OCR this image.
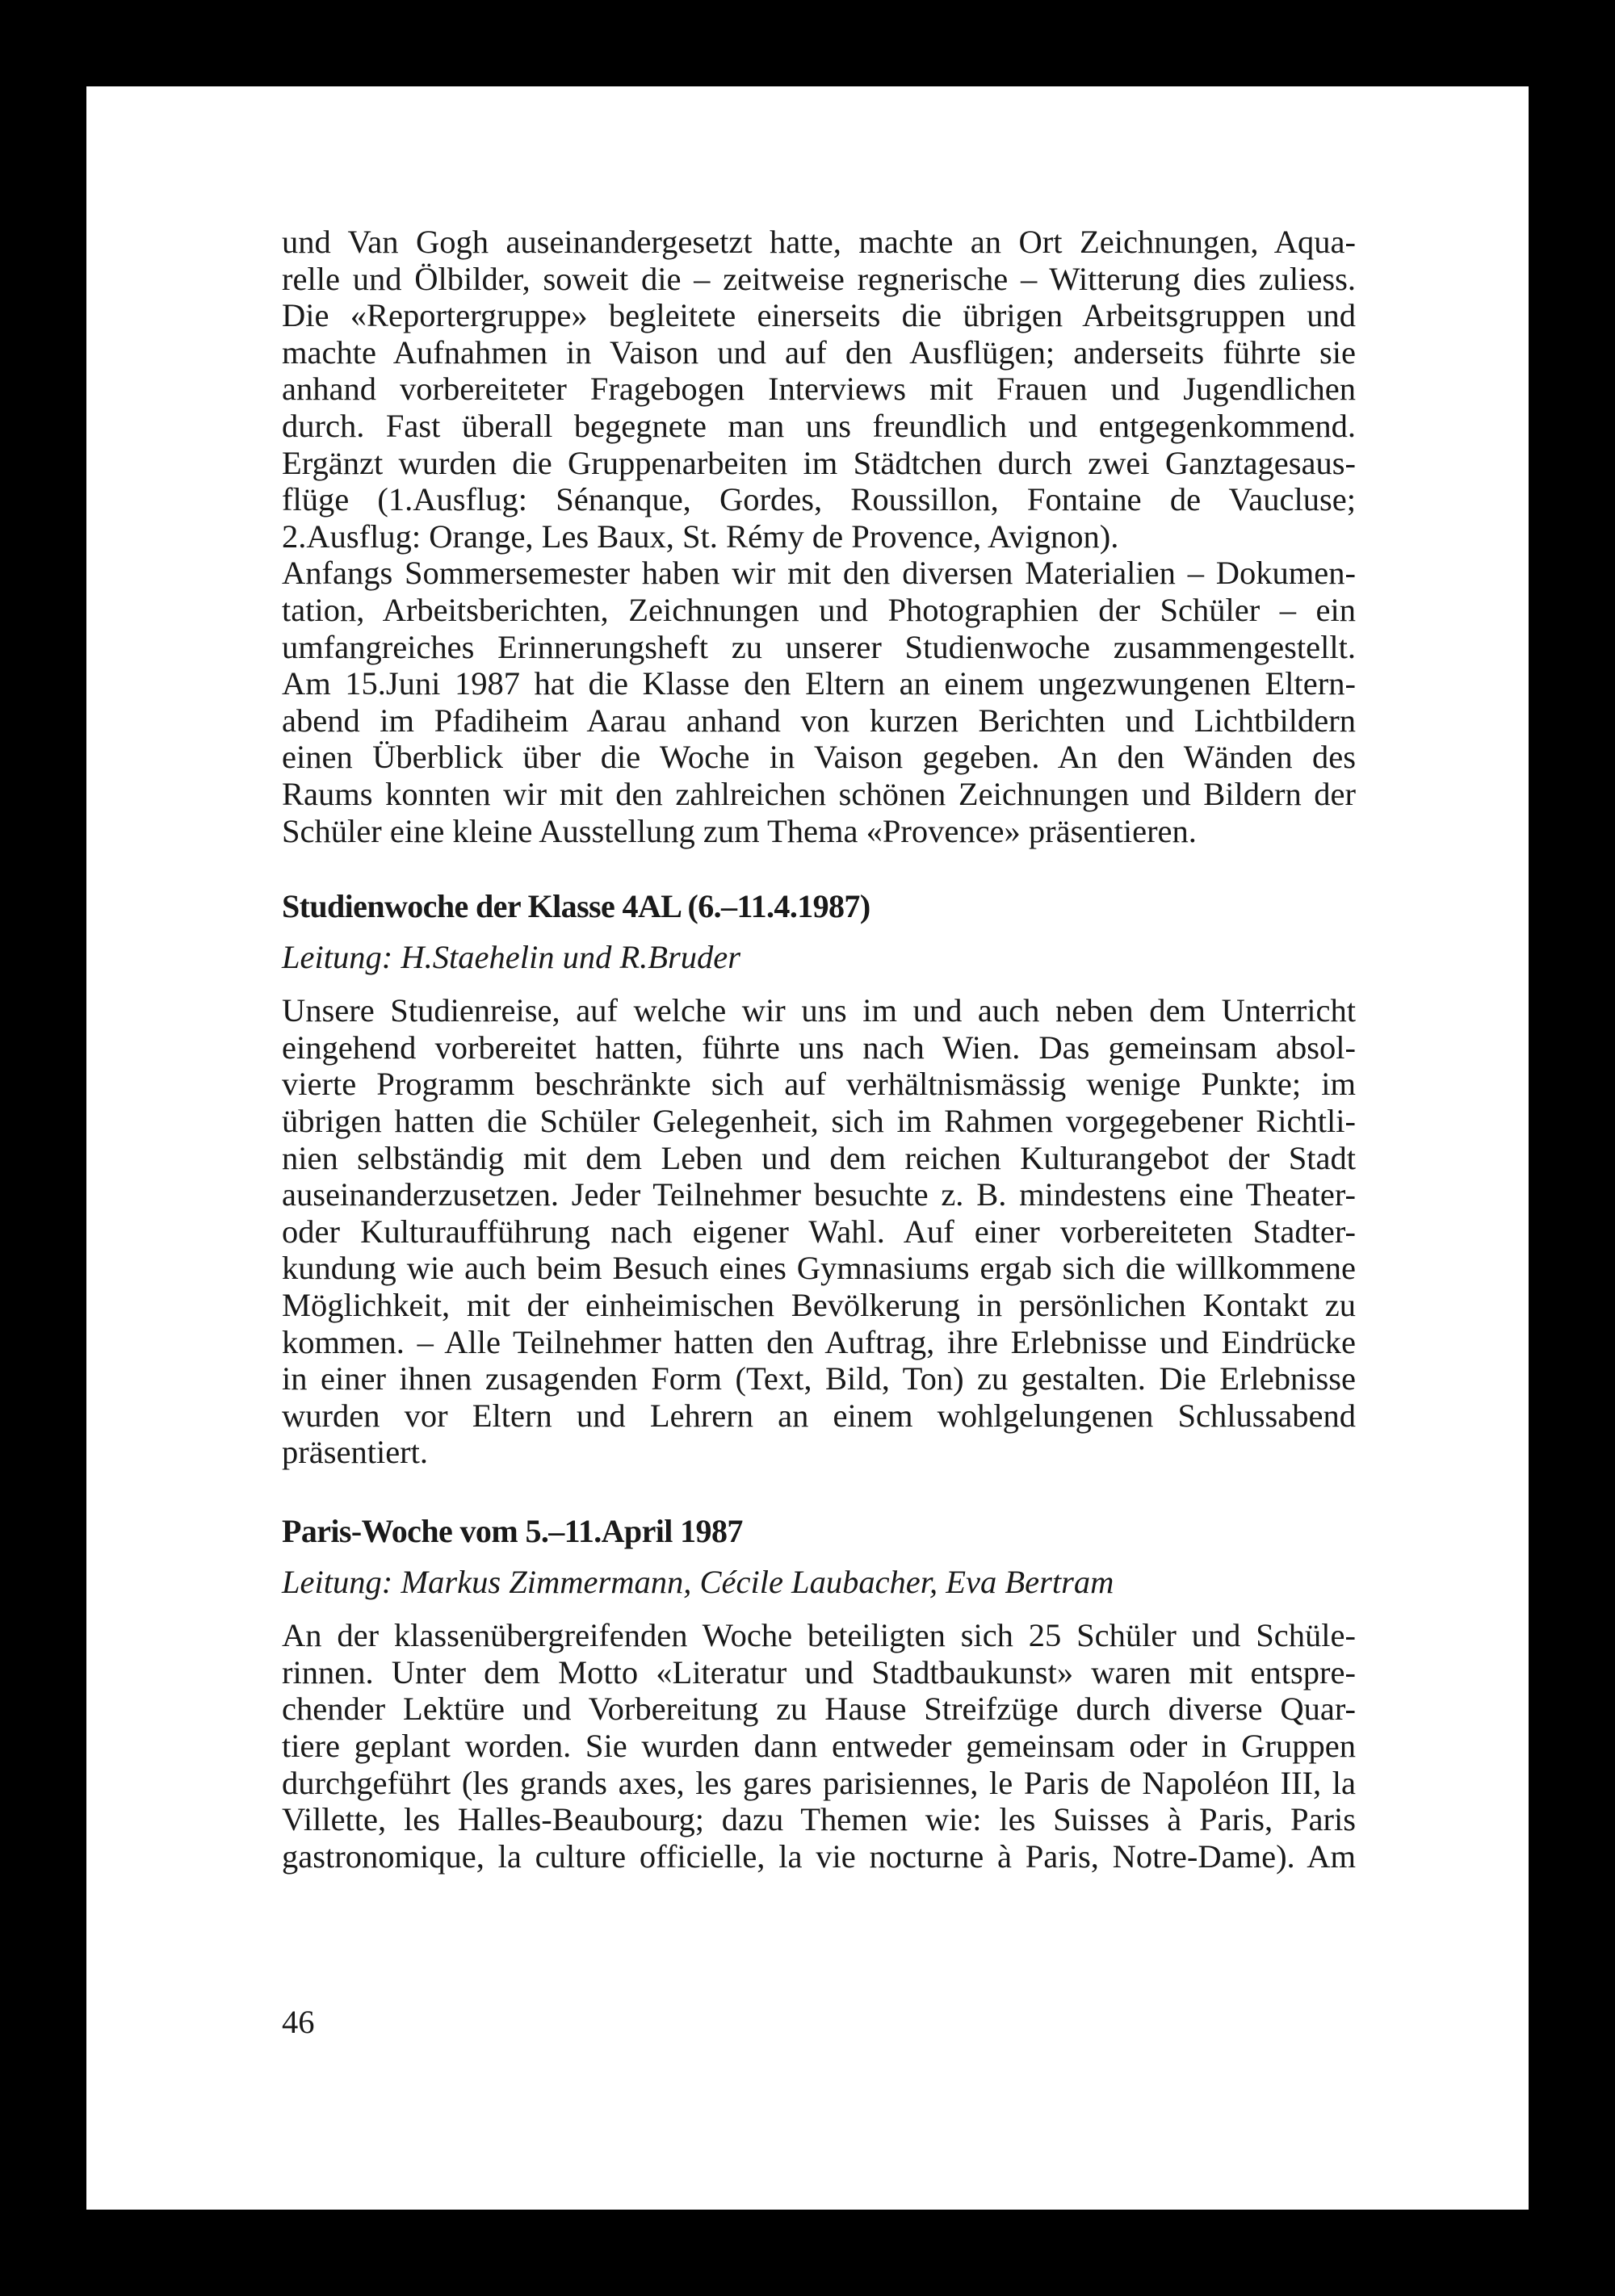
und Van Gogh auseinandergesetzt hatte, machte an Ort Zeichnungen, Aqua-
relle und Ölbilder, soweit die – zeitweise regnerische – Witterung dies zuliess.
Die «Reportergruppe» begleitete einerseits die übrigen Arbeitsgruppen und
machte Aufnahmen in Vaison und auf den Ausflügen; anderseits führte sie
anhand vorbereiteter Fragebogen Interviews mit Frauen und Jugendlichen
durch. Fast überall begegnete man uns freundlich und entgegenkommend.
Ergänzt wurden die Gruppenarbeiten im Städtchen durch zwei Ganztagesaus-
flüge (1.Ausflug: Sénanque, Gordes, Roussillon, Fontaine de Vaucluse;
2.Ausflug: Orange, Les Baux, St. Rémy de Provence, Avignon).
Anfangs Sommersemester haben wir mit den diversen Materialien – Dokumen-
tation, Arbeitsberichten, Zeichnungen und Photographien der Schüler – ein
umfangreiches Erinnerungsheft zu unserer Studienwoche zusammengestellt.
Am 15.Juni 1987 hat die Klasse den Eltern an einem ungezwungenen Eltern-
abend im Pfadiheim Aarau anhand von kurzen Berichten und Lichtbildern
einen Überblick über die Woche in Vaison gegeben. An den Wänden des
Raums konnten wir mit den zahlreichen schönen Zeichnungen und Bildern der
Schüler eine kleine Ausstellung zum Thema «Provence» präsentieren.
Studienwoche der Klasse 4AL (6.–11.4.1987)

Leitung: H.Staehelin und R.Bruder

Unsere Studienreise, auf welche wir uns im und auch neben dem Unterricht
eingehend vorbereitet hatten, führte uns nach Wien. Das gemeinsam absol-
vierte Programm beschränkte sich auf verhältnismässig wenige Punkte; im
übrigen hatten die Schüler Gelegenheit, sich im Rahmen vorgegebener Richtli-
nien selbständig mit dem Leben und dem reichen Kulturangebot der Stadt
auseinanderzusetzen. Jeder Teilnehmer besuchte z. B. mindestens eine Theater-
oder Kulturaufführung nach eigener Wahl. Auf einer vorbereiteten Stadter-
kundung wie auch beim Besuch eines Gymnasiums ergab sich die willkommene
Möglichkeit, mit der einheimischen Bevölkerung in persönlichen Kontakt zu
kommen. – Alle Teilnehmer hatten den Auftrag, ihre Erlebnisse und Eindrücke
in einer ihnen zusagenden Form (Text, Bild, Ton) zu gestalten. Die Erlebnisse
wurden vor Eltern und Lehrern an einem wohlgelungenen Schlussabend
präsentiert.
Paris-Woche vom 5.–11.April 1987

Leitung: Markus Zimmermann, Cécile Laubacher, Eva Bertram

An der klassenübergreifenden Woche beteiligten sich 25 Schüler und Schüle-
rinnen. Unter dem Motto «Literatur und Stadtbaukunst» waren mit entspre-
chender Lektüre und Vorbereitung zu Hause Streifzüge durch diverse Quar-
tiere geplant worden. Sie wurden dann entweder gemeinsam oder in Gruppen
durchgeführt (les grands axes, les gares parisiennes, le Paris de Napoléon III, la
Villette, les Halles-Beaubourg; dazu Themen wie: les Suisses à Paris, Paris
gastronomique, la culture officielle, la vie nocturne à Paris, Notre-Dame). Am
46
